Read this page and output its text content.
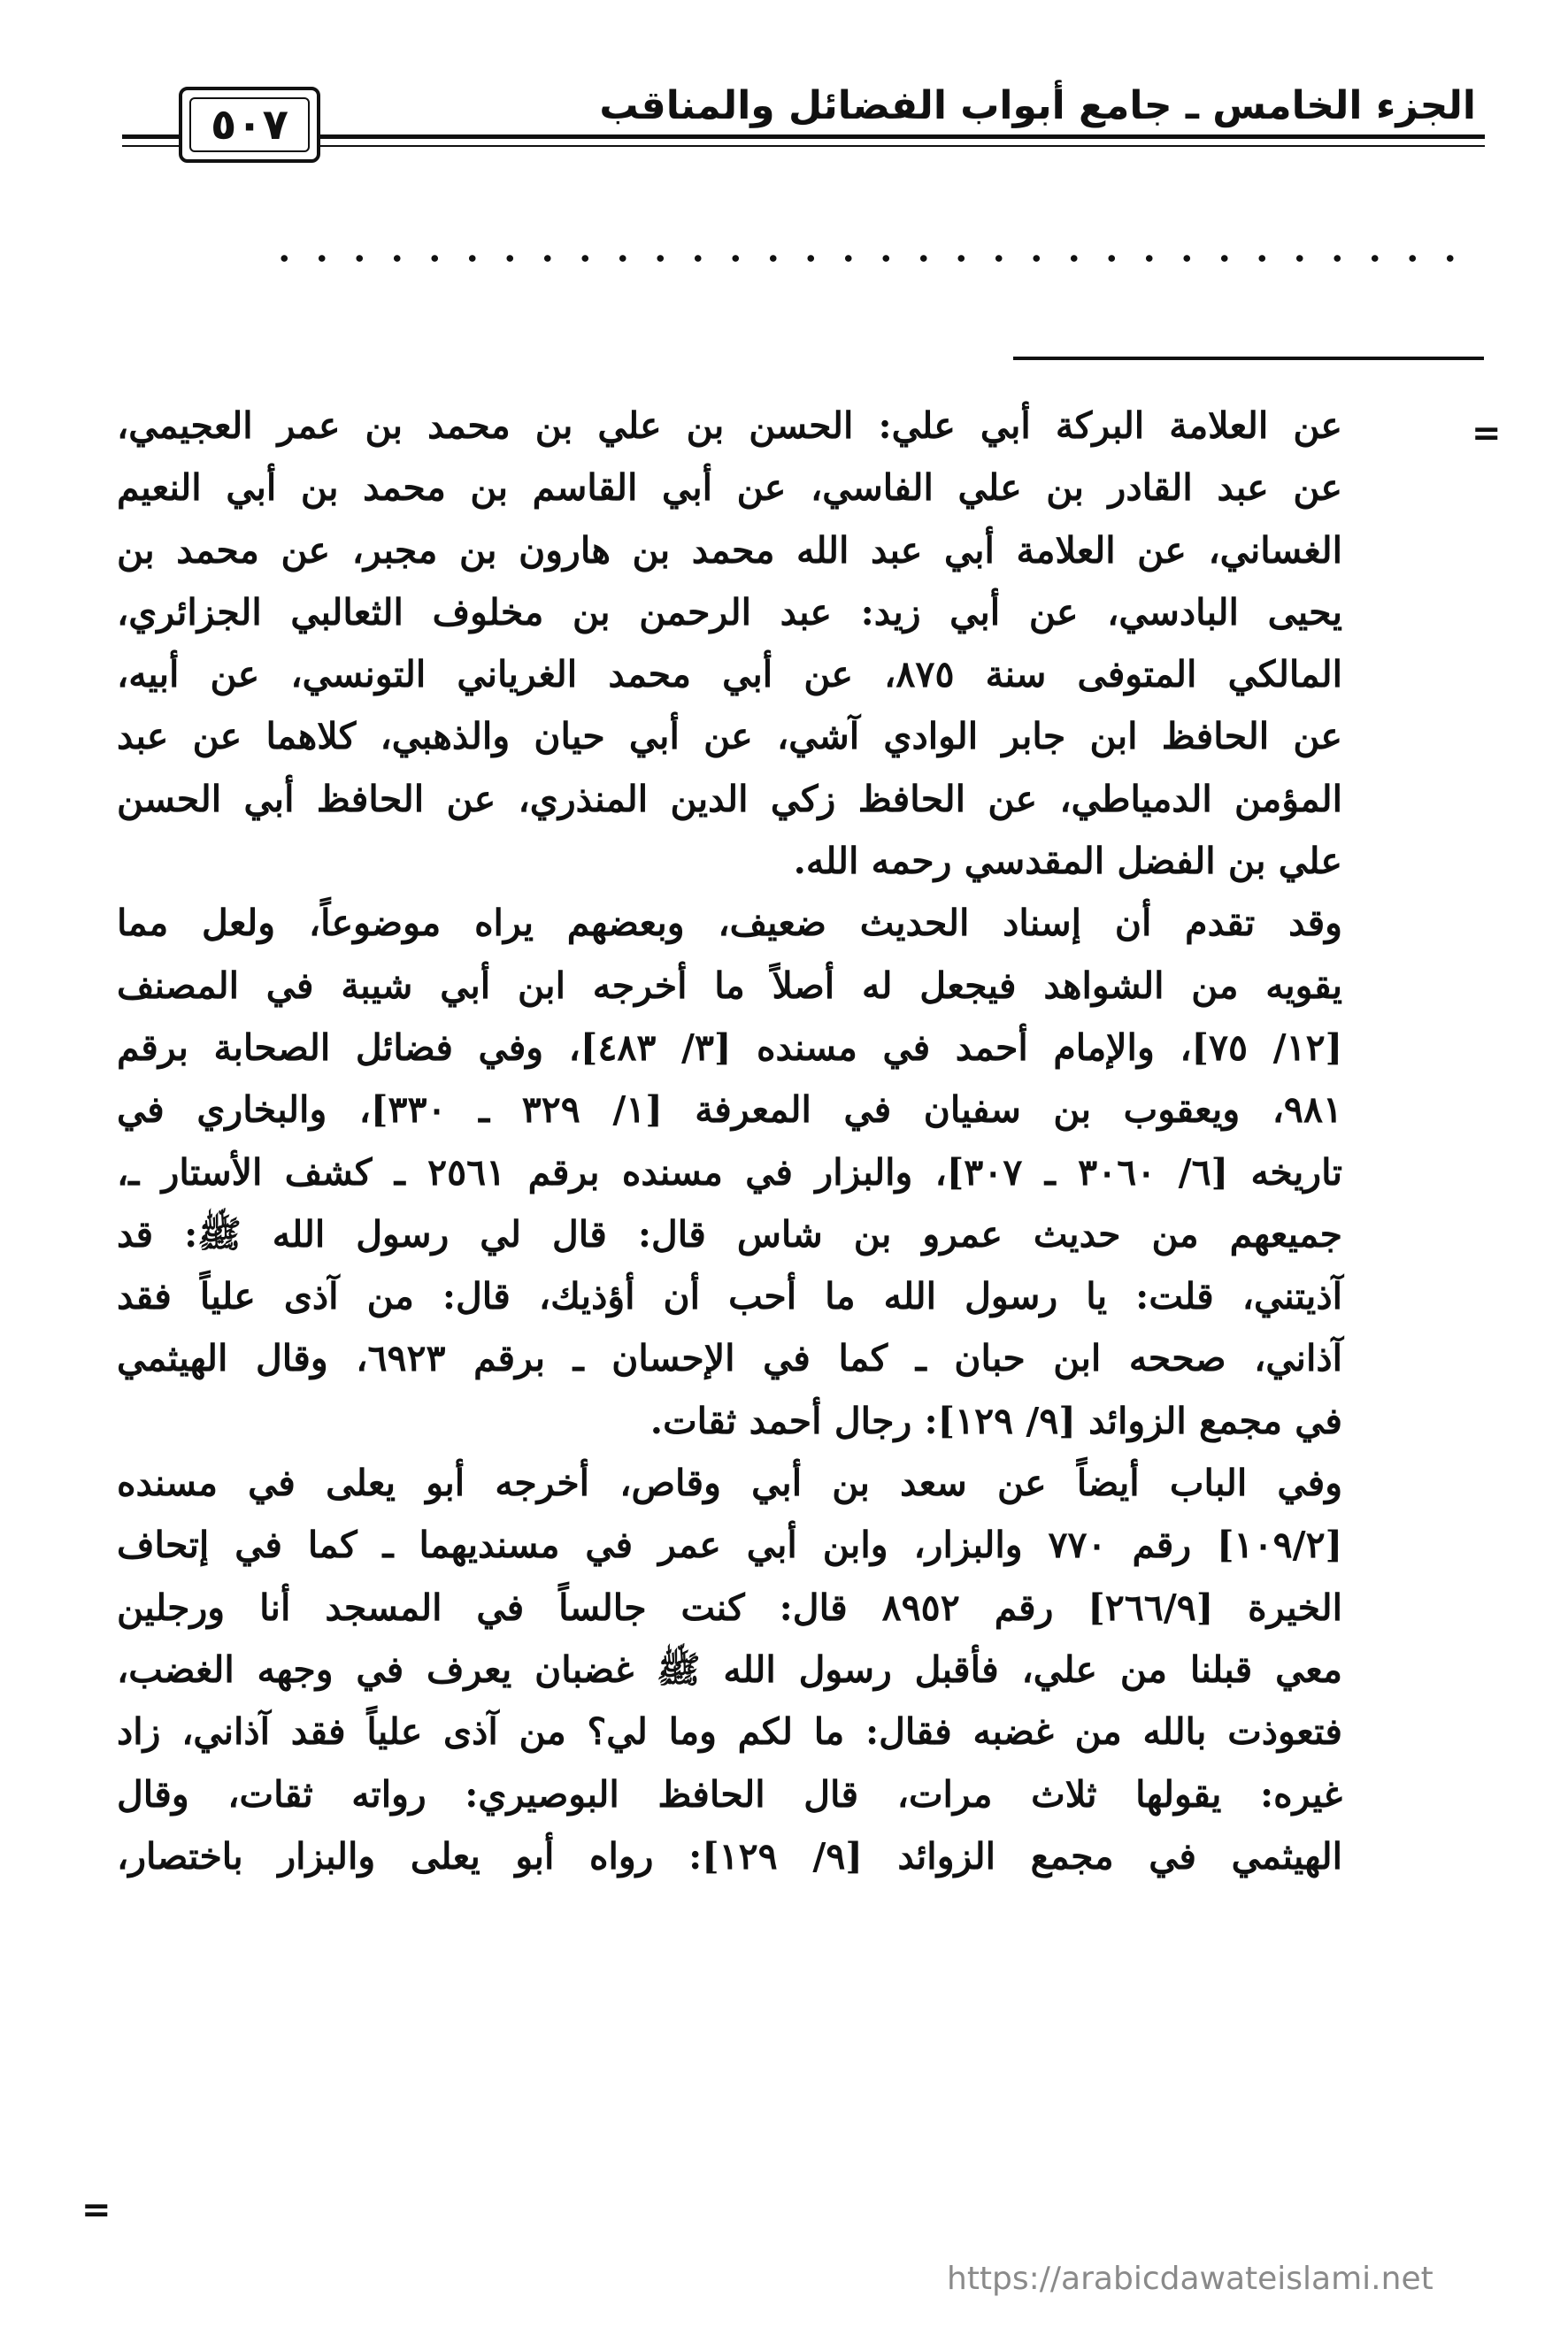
الجزء الخامس ـ جامع أبواب الفضائل والمناقب
٥٠٧
=
عن العلامة البركة أبي علي: الحسن بن علي بن محمد بن عمر العجيمي،
عن عبد القادر بن علي الفاسي، عن أبي القاسم بن محمد بن أبي النعيم
الغساني، عن العلامة أبي عبد الله محمد بن هارون بن مجبر، عن محمد بن
يحيى البادسي، عن أبي زيد: عبد الرحمن بن مخلوف الثعالبي الجزائري،
المالكي المتوفى سنة ٨٧٥، عن أبي محمد الغرياني التونسي، عن أبيه،
عن الحافظ ابن جابر الوادي آشي، عن أبي حيان والذهبي، كلاهما عن عبد
المؤمن الدمياطي، عن الحافظ زكي الدين المنذري، عن الحافظ أبي الحسن
علي بن الفضل المقدسي رحمه الله.
وقد تقدم أن إسناد الحديث ضعيف، وبعضهم يراه موضوعاً، ولعل مما
يقويه من الشواهد فيجعل له أصلاً ما أخرجه ابن أبي شيبة في المصنف
[١٢/ ٧٥]، والإمام أحمد في مسنده [٣/ ٤٨٣]، وفي فضائل الصحابة برقم
٩٨١، ويعقوب بن سفيان في المعرفة [١/ ٣٢٩ ـ ٣٣٠]، والبخاري في
تاريخه [٦/ ٣٠٦٠ ـ ٣٠٧]، والبزار في مسنده برقم ٢٥٦١ ـ كشف الأستار ـ،
جميعهم من حديث عمرو بن شاس قال: قال لي رسول الله ﷺ: قد
آذيتني، قلت: يا رسول الله ما أحب أن أؤذيك، قال: من آذى علياً فقد
آذاني، صححه ابن حبان ـ كما في الإحسان ـ برقم ٦٩٢٣، وقال الهيثمي
في مجمع الزوائد [٩/ ١٢٩]: رجال أحمد ثقات.
وفي الباب أيضاً عن سعد بن أبي وقاص، أخرجه أبو يعلى في مسنده
[١٠٩/٢] رقم ٧٧٠ والبزار، وابن أبي عمر في مسنديهما ـ كما في إتحاف
الخيرة [٢٦٦/٩] رقم ٨٩٥٢ قال: كنت جالساً في المسجد أنا ورجلين
معي قبلنا من علي، فأقبل رسول الله ﷺ غضبان يعرف في وجهه الغضب،
فتعوذت بالله من غضبه فقال: ما لكم وما لي؟ من آذى علياً فقد آذاني، زاد
غيره: يقولها ثلاث مرات، قال الحافظ البوصيري: رواته ثقات، وقال
الهيثمي في مجمع الزوائد [٩/ ١٢٩]: رواه أبو يعلى والبزار باختصار،
=
https://arabicdawateislami.net
